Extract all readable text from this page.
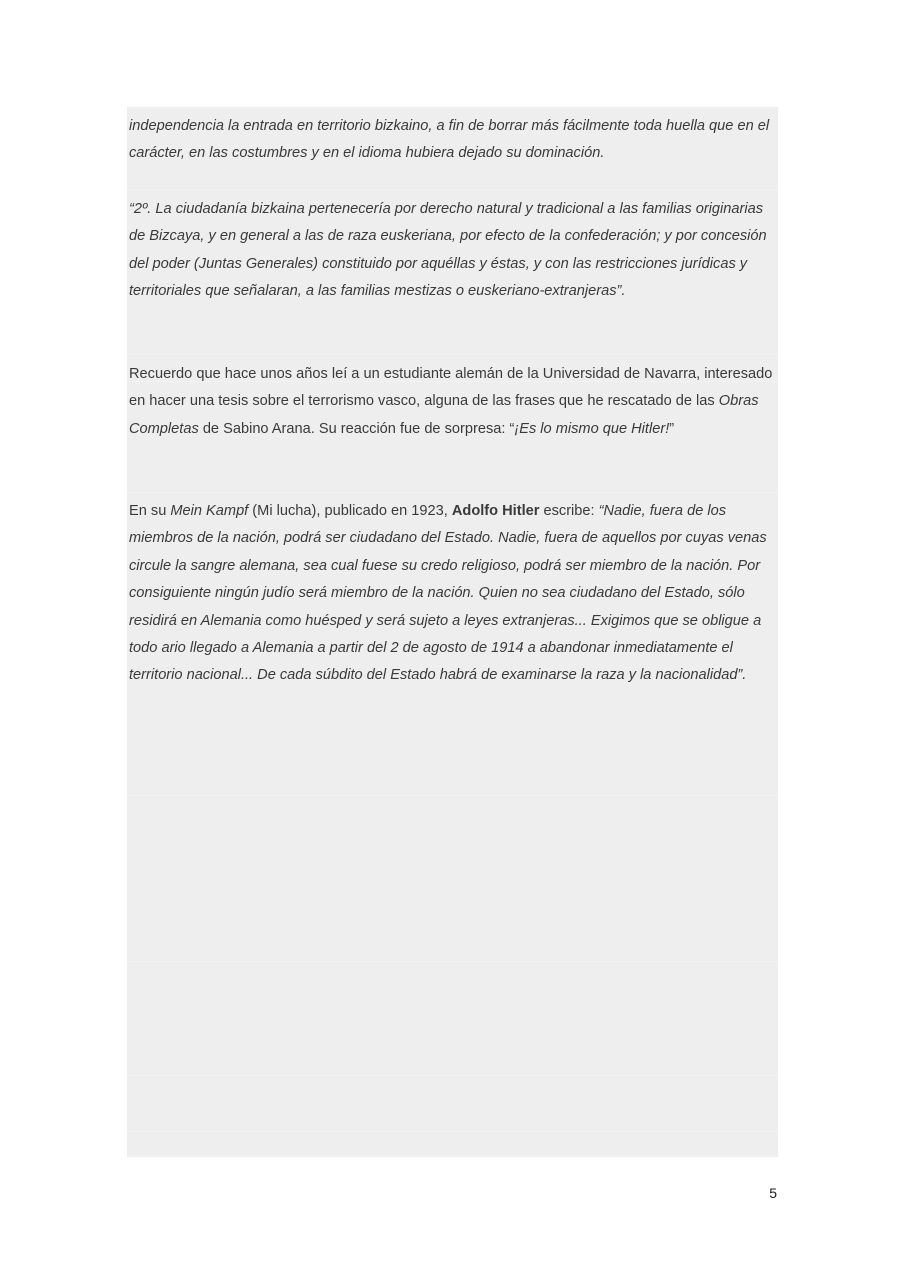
independencia la entrada en territorio bizkaino, a fin de borrar más fácilmente toda huella que en el carácter, en las costumbres y en el idioma hubiera dejado su dominación.

“2º. La ciudadanía bizkaina pertenecería por derecho natural y tradicional a las familias originarias de Bizcaya, y en general a las de raza euskeriana, por efecto de la confederación; y por concesión del poder (Juntas Generales) constituido por aquéllas y éstas, y con las restricciones jurídicas y territoriales que señalaran, a las familias mestizas o euskeriano-extranjeras”.

Recuerdo que hace unos años leí a un estudiante alemán de la Universidad de Navarra, interesado en hacer una tesis sobre el terrorismo vasco, alguna de las frases que he rescatado de las Obras Completas de Sabino Arana. Su reacción fue de sorpresa: “¡Es lo mismo que Hitler!”

En su Mein Kampf (Mi lucha), publicado en 1923, Adolfo Hitler escribe: “Nadie, fuera de los miembros de la nación, podrá ser ciudadano del Estado. Nadie, fuera de aquellos por cuyas venas circule la sangre alemana, sea cual fuese su credo religioso, podrá ser miembro de la nación. Por consiguiente ningún judío será miembro de la nación. Quien no sea ciudadano del Estado, sólo residirá en Alemania como huésped y será sujeto a leyes extranjeras... Exigimos que se obligue a todo ario llegado a Alemania a partir del 2 de agosto de 1914 a abandonar inmediatamente el territorio nacional... De cada súbdito del Estado habrá de examinarse la raza y la nacionalidad”.

5
